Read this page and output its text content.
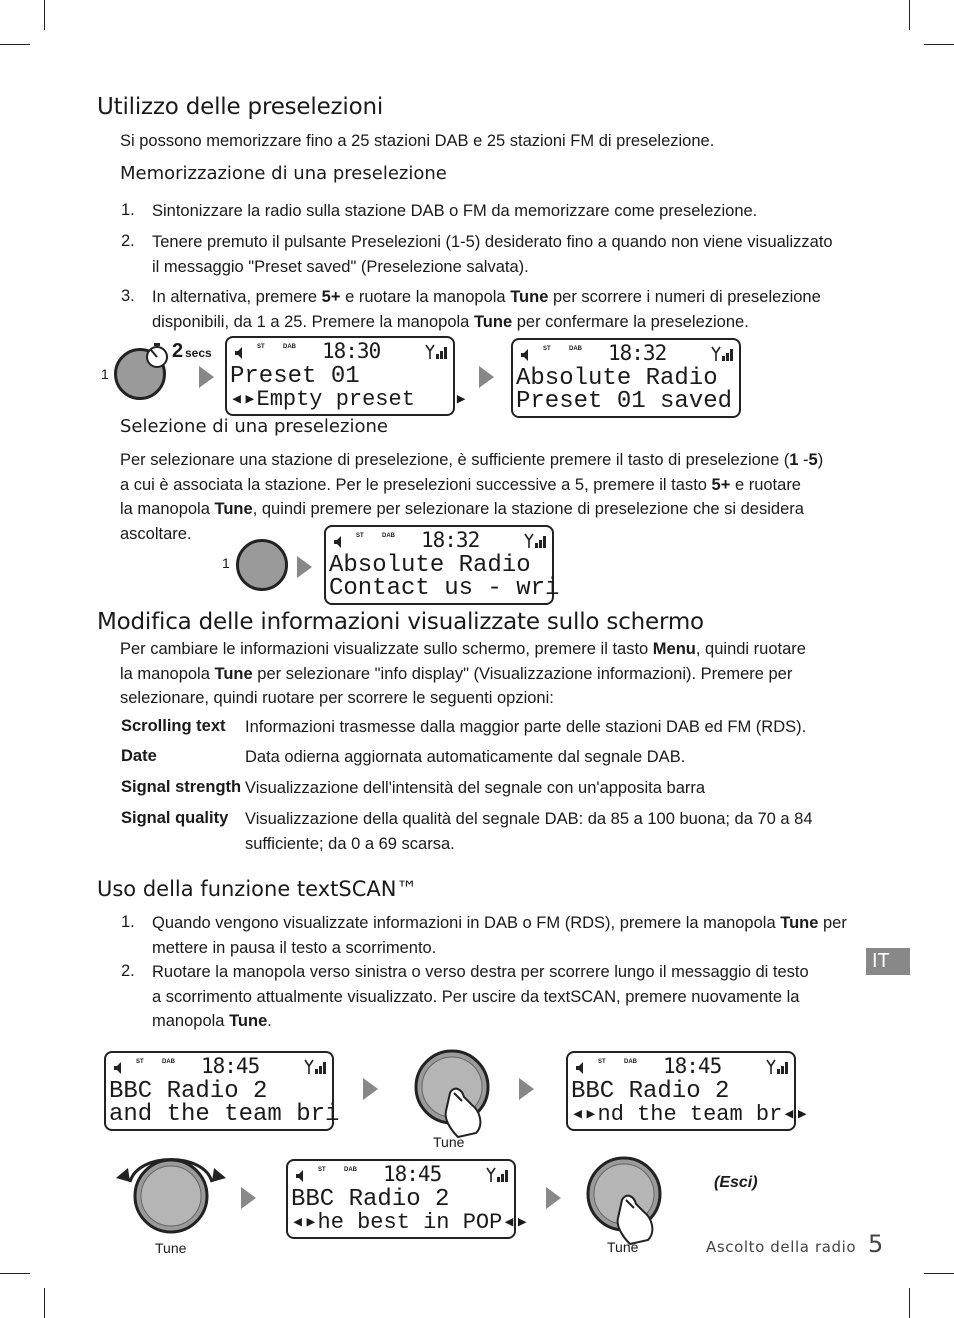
Utilizzo delle preselezioni
Si possono memorizzare fino a 25 stazioni DAB e 25 stazioni FM di preselezione.
Memorizzazione di una preselezione
1. Sintonizzare la radio sulla stazione DAB o FM da memorizzare come preselezione.
2. Tenere premuto il pulsante Preselezioni (1-5) desiderato fino a quando non viene visualizzato
il messaggio "Preset saved" (Preselezione salvata).
3. In alternativa, premere 5+ e ruotare la manopola Tune per scorrere i numeri di preselezione
disponibili, da 1 a 25. Premere la manopola Tune per confermare la preselezione.
1
2 secs	ST	DAB 18:30
Preset 01
◂▸Empty preset   ▸
ST	DAB 18:32
Absolute Radio
Preset 01 saved
Selezione di una preselezione
Per selezionare una stazione di preselezione, è sufficiente premere il tasto di preselezione (1 -5)
a cui è associata la stazione. Per le preselezioni successive a 5, premere il tasto 5+ e ruotare
la manopola Tune, quindi premere per selezionare la stazione di preselezione che si desidera
ascoltare.
1
ST	DAB 18:32
Absolute Radio
Contact us - wri
Modifica delle informazioni visualizzate sullo schermo
Per cambiare le informazioni visualizzate sullo schermo, premere il tasto Menu, quindi ruotare
la manopola Tune per selezionare "info display" (Visualizzazione informazioni). Premere per
selezionare, quindi ruotare per scorrere le seguenti opzioni:
Scrolling text Informazioni trasmesse dalla maggior parte delle stazioni DAB ed FM (RDS).
Date	Data odierna aggiornata automaticamente dal segnale DAB.
Signal strength Visualizzazione dell'intensità del segnale con un'apposita barra
Signal quality Visualizzazione della qualità del segnale DAB: da 85 a 100 buona; da 70 a 84
sufficiente; da 0 a 69 scarsa.
Uso della funzione textSCAN™
1. Quando vengono visualizzate informazioni in DAB o FM (RDS), premere la manopola Tune per
mettere in pausa il testo a scorrimento.
2. Ruotare la manopola verso sinistra o verso destra per scorrere lungo il messaggio di testo
a scorrimento attualmente visualizzato. Per uscire da textSCAN, premere nuovamente la
manopola Tune.
ST	DAB 18:45
BBC Radio 2
and the team bri
Tune
ST	DAB 18:45
BBC Radio 2
◂▸nd the team br◂▸
Tune
ST	DAB 18:45
BBC Radio 2
◂▸he best in POP◂▸
Tune
(Esci)
IT
Ascolto della radio 5
